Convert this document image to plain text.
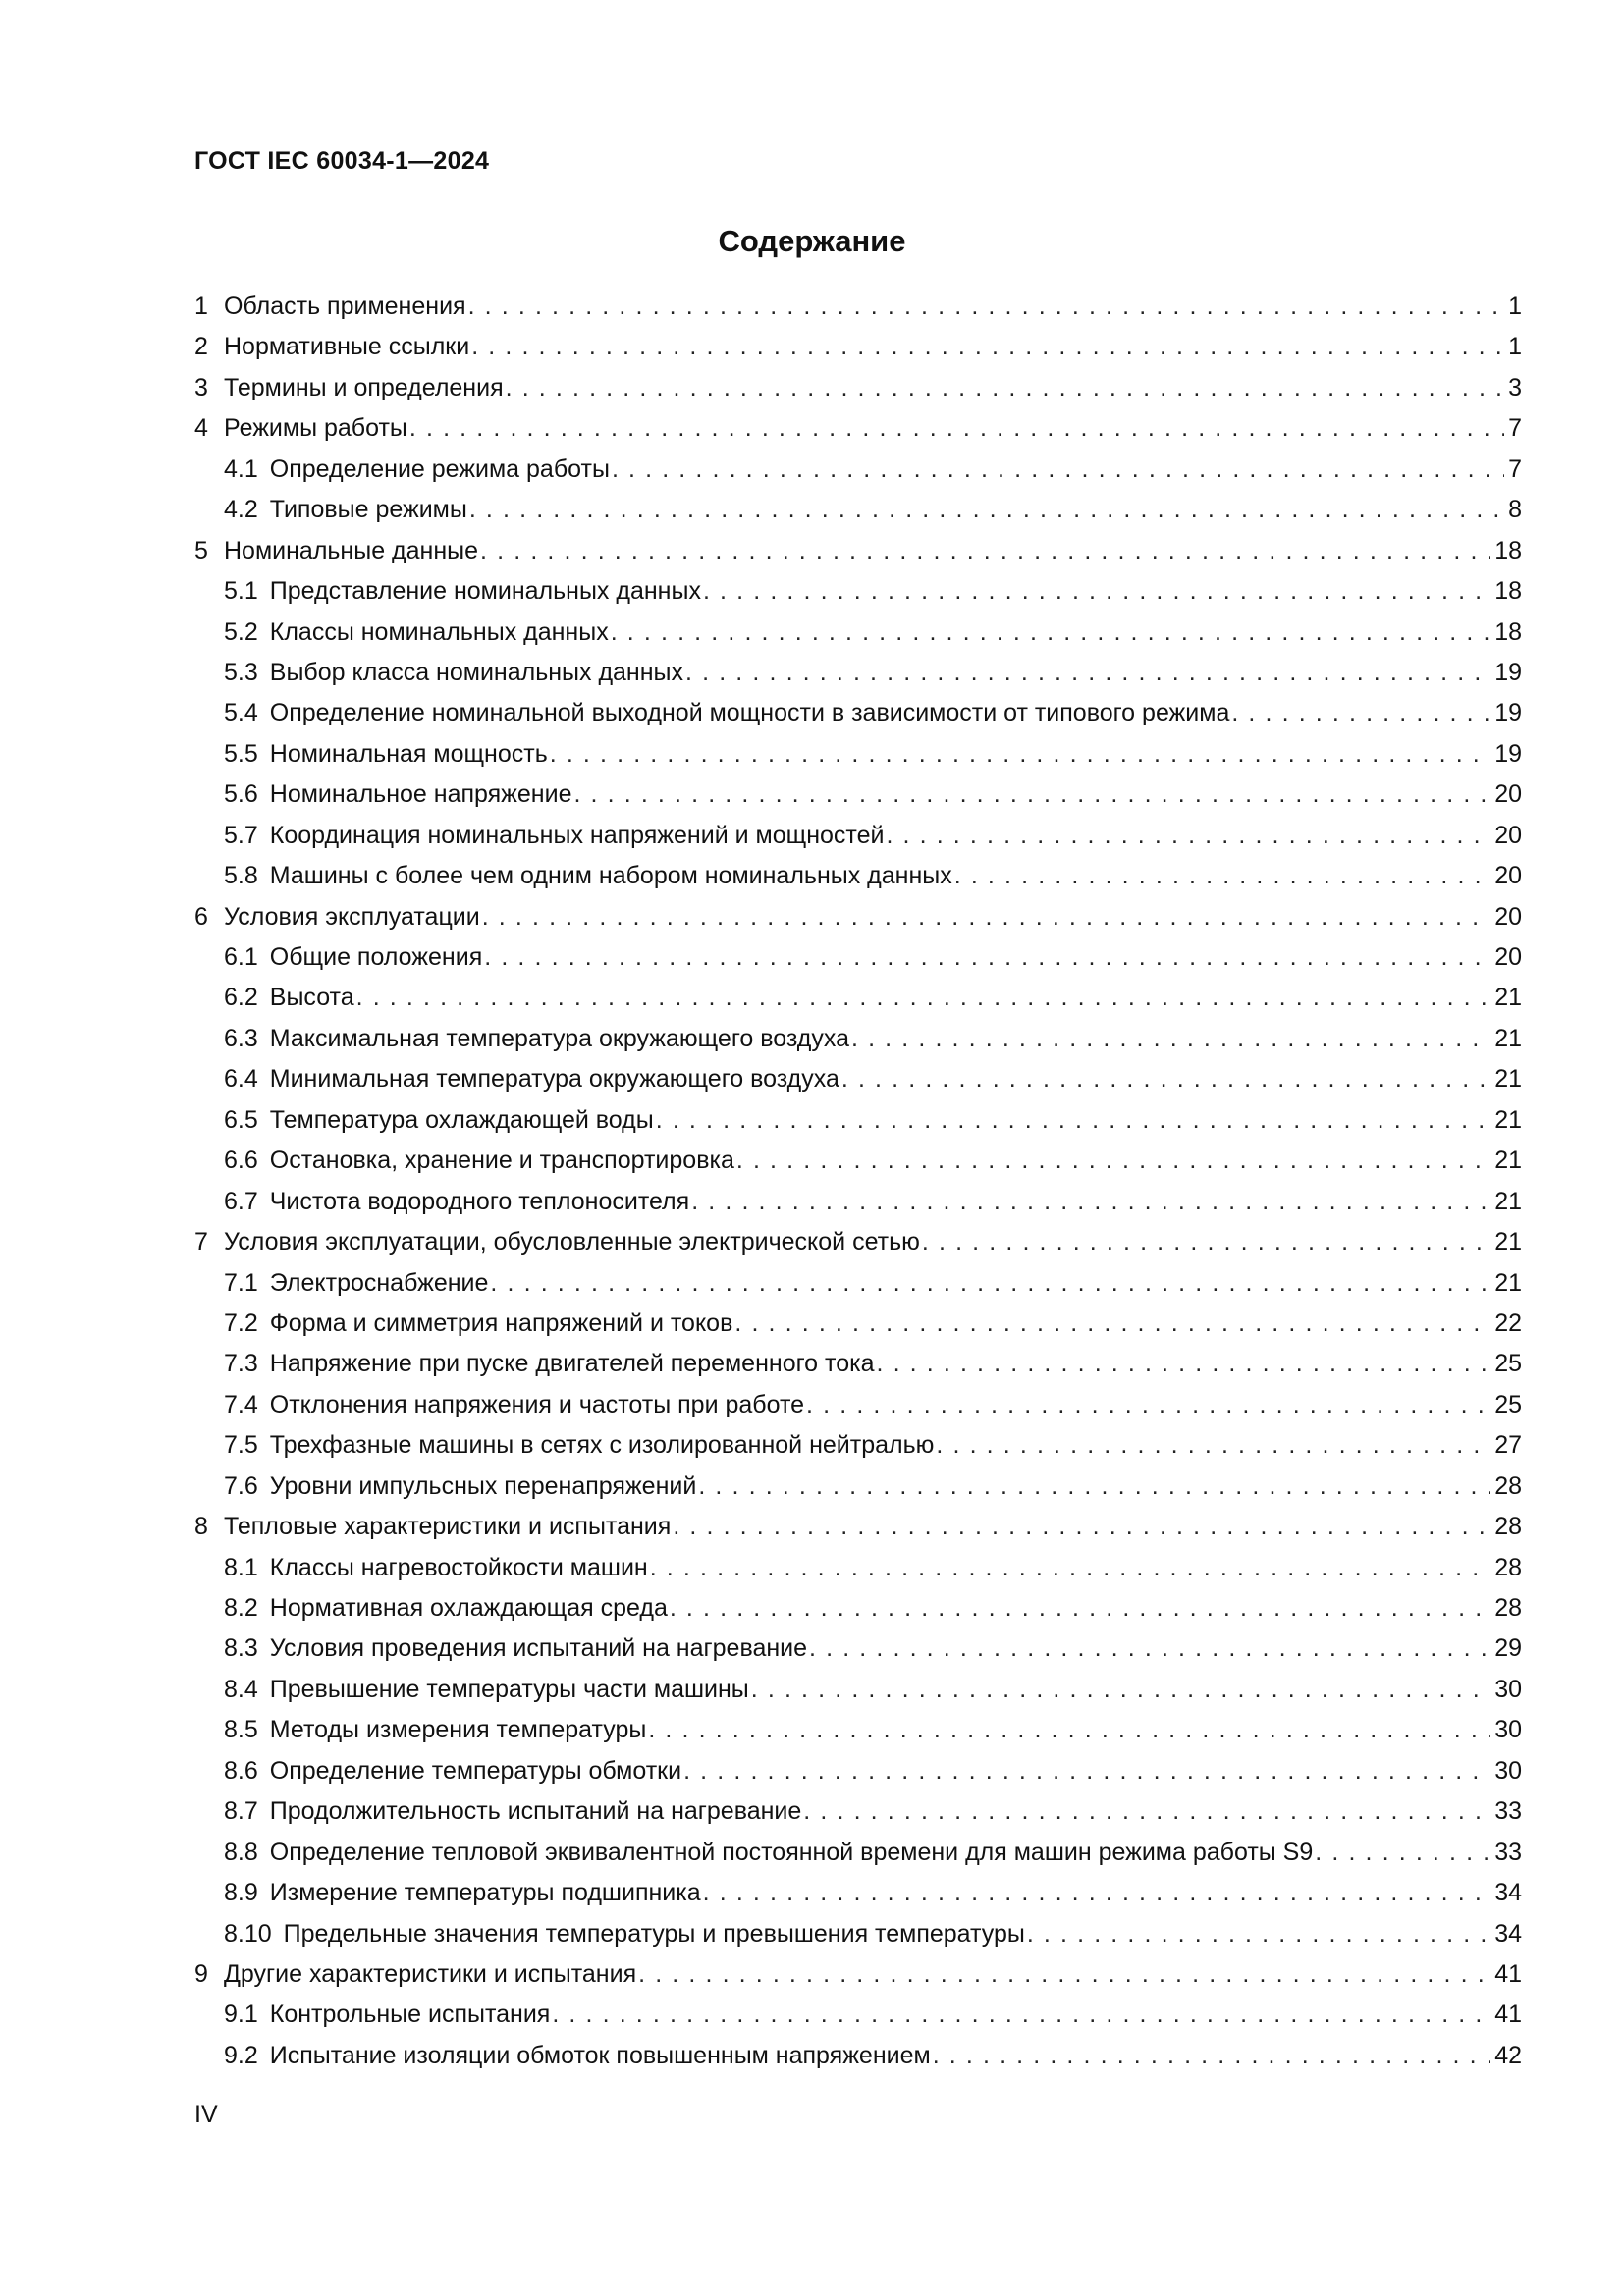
ГОСТ IEC 60034-1—2024
Содержание
1 Область применения . . .	1
2 Нормативные ссылки . . .	1
3 Термины и определения . . .	3
4 Режимы работы . . .	7
4.1 Определение режима работы . . .	7
4.2 Типовые режимы . . .	8
5 Номинальные данные . . .	18
5.1 Представление номинальных данных . . .	18
5.2 Классы номинальных данных . . .	18
5.3 Выбор класса номинальных данных . . .	19
5.4 Определение номинальной выходной мощности в зависимости от типового режима . . .	19
5.5 Номинальная мощность . . .	19
5.6 Номинальное напряжение . . .	20
5.7 Координация номинальных напряжений и мощностей . . .	20
5.8 Машины с более чем одним набором номинальных данных . . .	20
6 Условия эксплуатации . . .	20
6.1 Общие положения . . .	20
6.2 Высота . . .	21
6.3 Максимальная температура окружающего воздуха . . .	21
6.4 Минимальная температура окружающего воздуха . . .	21
6.5 Температура охлаждающей воды . . .	21
6.6 Остановка, хранение и транспортировка . . .	21
6.7 Чистота водородного теплоносителя . . .	21
7 Условия эксплуатации, обусловленные электрической сетью . . .	21
7.1 Электроснабжение . . .	21
7.2 Форма и симметрия напряжений и токов . . .	22
7.3 Напряжение при пуске двигателей переменного тока . . .	25
7.4 Отклонения напряжения и частоты при работе . . .	25
7.5 Трехфазные машины в сетях с изолированной нейтралью . . .	27
7.6 Уровни импульсных перенапряжений . . .	28
8 Тепловые характеристики и испытания . . .	28
8.1 Классы нагревостойкости машин . . .	28
8.2 Нормативная охлаждающая среда . . .	28
8.3 Условия проведения испытаний на нагревание . . .	29
8.4 Превышение температуры части машины . . .	30
8.5 Методы измерения температуры . . .	30
8.6 Определение температуры обмотки . . .	30
8.7 Продолжительность испытаний на нагревание . . .	33
8.8 Определение тепловой эквивалентной постоянной времени для машин режима работы S9 . . .	33
8.9 Измерение температуры подшипника . . .	34
8.10 Предельные значения температуры и превышения температуры . . .	34
9 Другие характеристики и испытания . . .	41
9.1 Контрольные испытания . . .	41
9.2 Испытание изоляции обмоток повышенным напряжением . . .	42
IV
